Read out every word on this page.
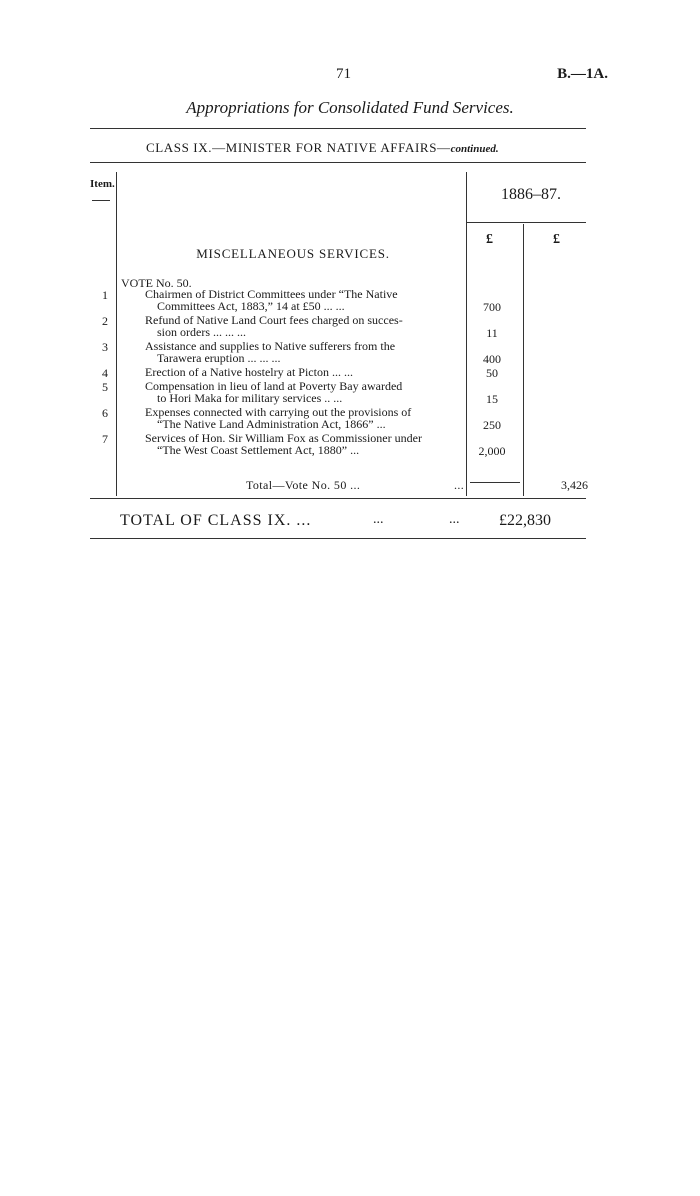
71	B.—1A.
Appropriations for Consolidated Fund Services.
CLASS IX.—MINISTER FOR NATIVE AFFAIRS—continued.
Item.
1886–87.
£	£
MISCELLANEOUS SERVICES.
VOTE No. 50.
1	Chairmen of District Committees under “The Native
Committees Act, 1883,” 14 at £50 ... ...	700
2	Refund of Native Land Court fees charged on succes-
sion orders ... ... ...	11
3	Assistance and supplies to Native sufferers from the
Tarawera eruption ... ... ...	400
4	Erection of a Native hostelry at Picton ... ...	50
5	Compensation in lieu of land at Poverty Bay awarded
to Hori Maka for military services .. ...	15
6	Expenses connected with carrying out the provisions of
“The Native Land Administration Act, 1866” ...	250
7	Services of Hon. Sir William Fox as Commissioner under
“The West Coast Settlement Act, 1880” ...	2,000
Total—Vote No. 50 ...	...	3,426
TOTAL OF CLASS IX. ...	...	... £22,830
